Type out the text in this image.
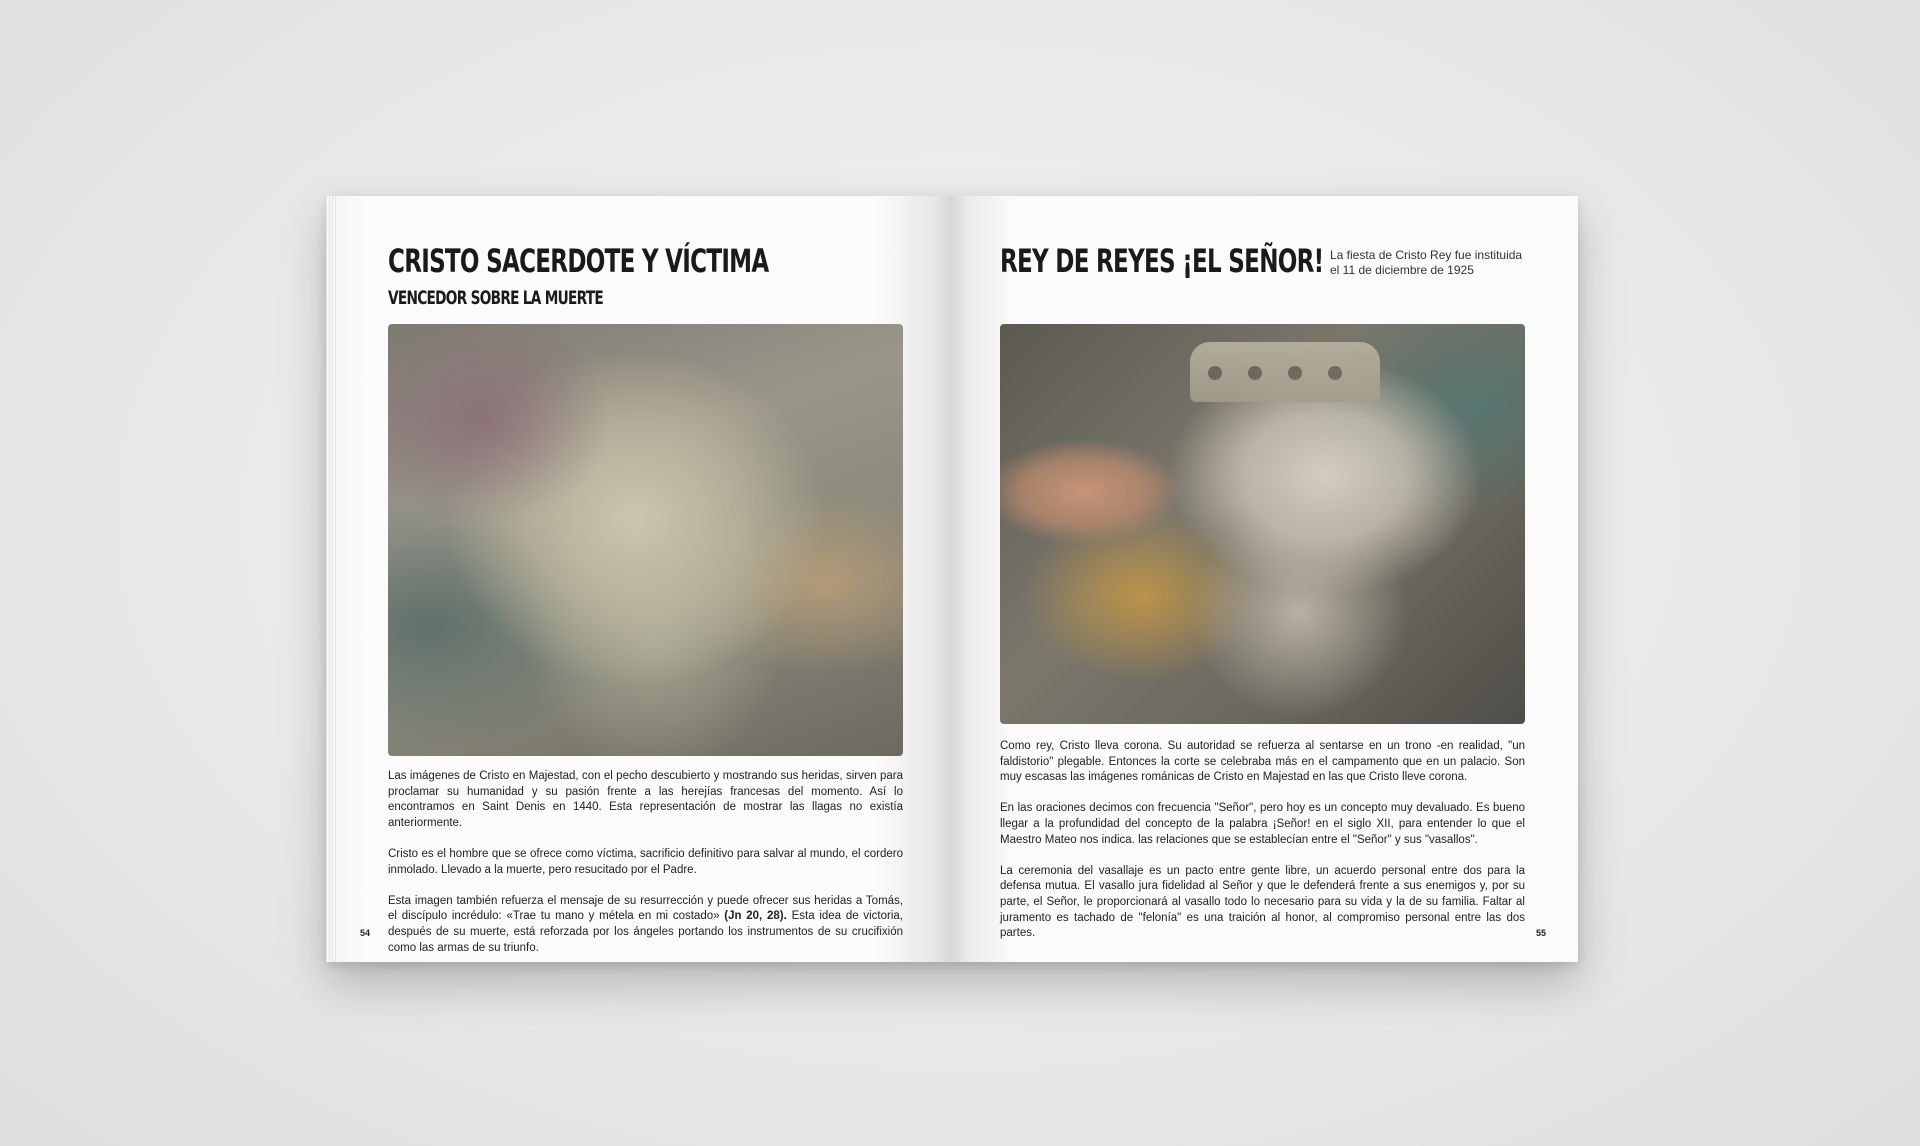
CRISTO SACERDOTE Y VÍCTIMA
VENCEDOR SOBRE LA MUERTE

Las imágenes de Cristo en Majestad, con el pecho descubierto y mostrando sus heridas, sirven para proclamar su humanidad y su pasión frente a las herejías francesas del momento. Así lo encontramos en Saint Denis en 1440. Esta representación de mostrar las llagas no existía anteriormente.

Cristo es el hombre que se ofrece como víctima, sacrificio definitivo para salvar al mundo, el cordero inmolado. Llevado a la muerte, pero resucitado por el Padre.

Esta imagen también refuerza el mensaje de su resurrección y puede ofrecer sus heridas a Tomás, el discípulo incrédulo: «Trae tu mano y métela en mi costado» (Jn 20, 28). Esta idea de victoria, después de su muerte, está reforzada por los ángeles portando los instrumentos de su crucifixión como las armas de su triunfo.

54
REY DE REYES ¡EL SEÑOR! La fiesta de Cristo Rey fue instituida
el 11 de diciembre de 1925

Como rey, Cristo lleva corona. Su autoridad se refuerza al sentarse en un trono -en realidad, "un faldistorio" plegable. Entonces la corte se celebraba más en el campamento que en un palacio. Son muy escasas las imágenes románicas de Cristo en Majestad en las que Cristo lleve corona.

En las oraciones decimos con frecuencia "Señor", pero hoy es un concepto muy devaluado. Es bueno llegar a la profundidad del concepto de la palabra ¡Señor! en el siglo XII, para entender lo que el Maestro Mateo nos indica. las relaciones que se establecían entre el "Señor" y sus "vasallos".

La ceremonia del vasallaje es un pacto entre gente libre, un acuerdo personal entre dos para la defensa mutua. El vasallo jura fidelidad al Señor y que le defenderá frente a sus enemigos y, por su parte, el Señor, le proporcionará al vasallo todo lo necesario para su vida y la de su familia. Faltar al juramento es tachado de "felonía" es una traición al honor, al compromiso personal entre las dos partes.	55
